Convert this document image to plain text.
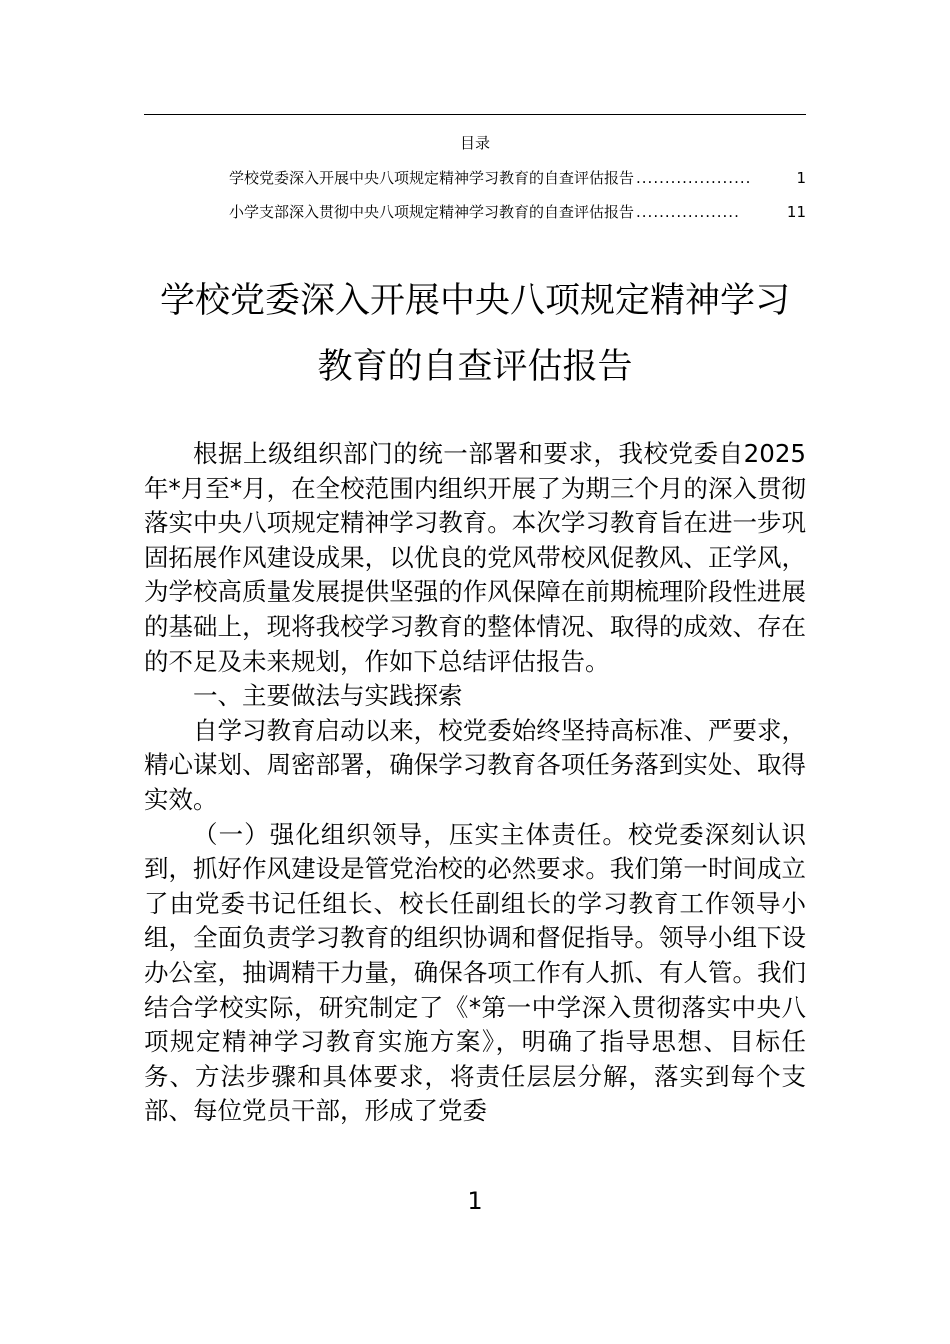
目录
学校党委深入开展中央八项规定精神学习教育的自查评估报告 ....................	1
小学支部深入贯彻中央八项规定精神学习教育的自查评估报告 ..................	11
学校党委深入开展中央八项规定精神学习教育的自查评估报告

根据上级组织部门的统一部署和要求，我校党委自2025年*月至*月，在全校范围内组织开展了为期三个月的深入贯彻落实中央八项规定精神学习教育。本次学习教育旨在进一步巩固拓展作风建设成果，以优良的党风带校风促教风、正学风，为学校高质量发展提供坚强的作风保障在前期梳理阶段性进展的基础上，现将我校学习教育的整体情况、取得的成效、存在的不足及未来规划，作如下总结评估报告。

一、主要做法与实践探索

自学习教育启动以来，校党委始终坚持高标准、严要求，精心谋划、周密部署，确保学习教育各项任务落到实处、取得实效。

（一）强化组织领导，压实主体责任。校党委深刻认识到，抓好作风建设是管党治校的必然要求。我们第一时间成立了由党委书记任组长、校长任副组长的学习教育工作领导小组，全面负责学习教育的组织协调和督促指导。领导小组下设办公室，抽调精干力量，确保各项工作有人抓、有人管。我们结合学校实际，研究制定了《*第一中学深入贯彻落实中央八项规定精神学习教育实施方案》，明确了指导思想、目标任务、方法步骤和具体要求，将责任层层分解，落实到每个支部、每位党员干部，形成了党委

1
